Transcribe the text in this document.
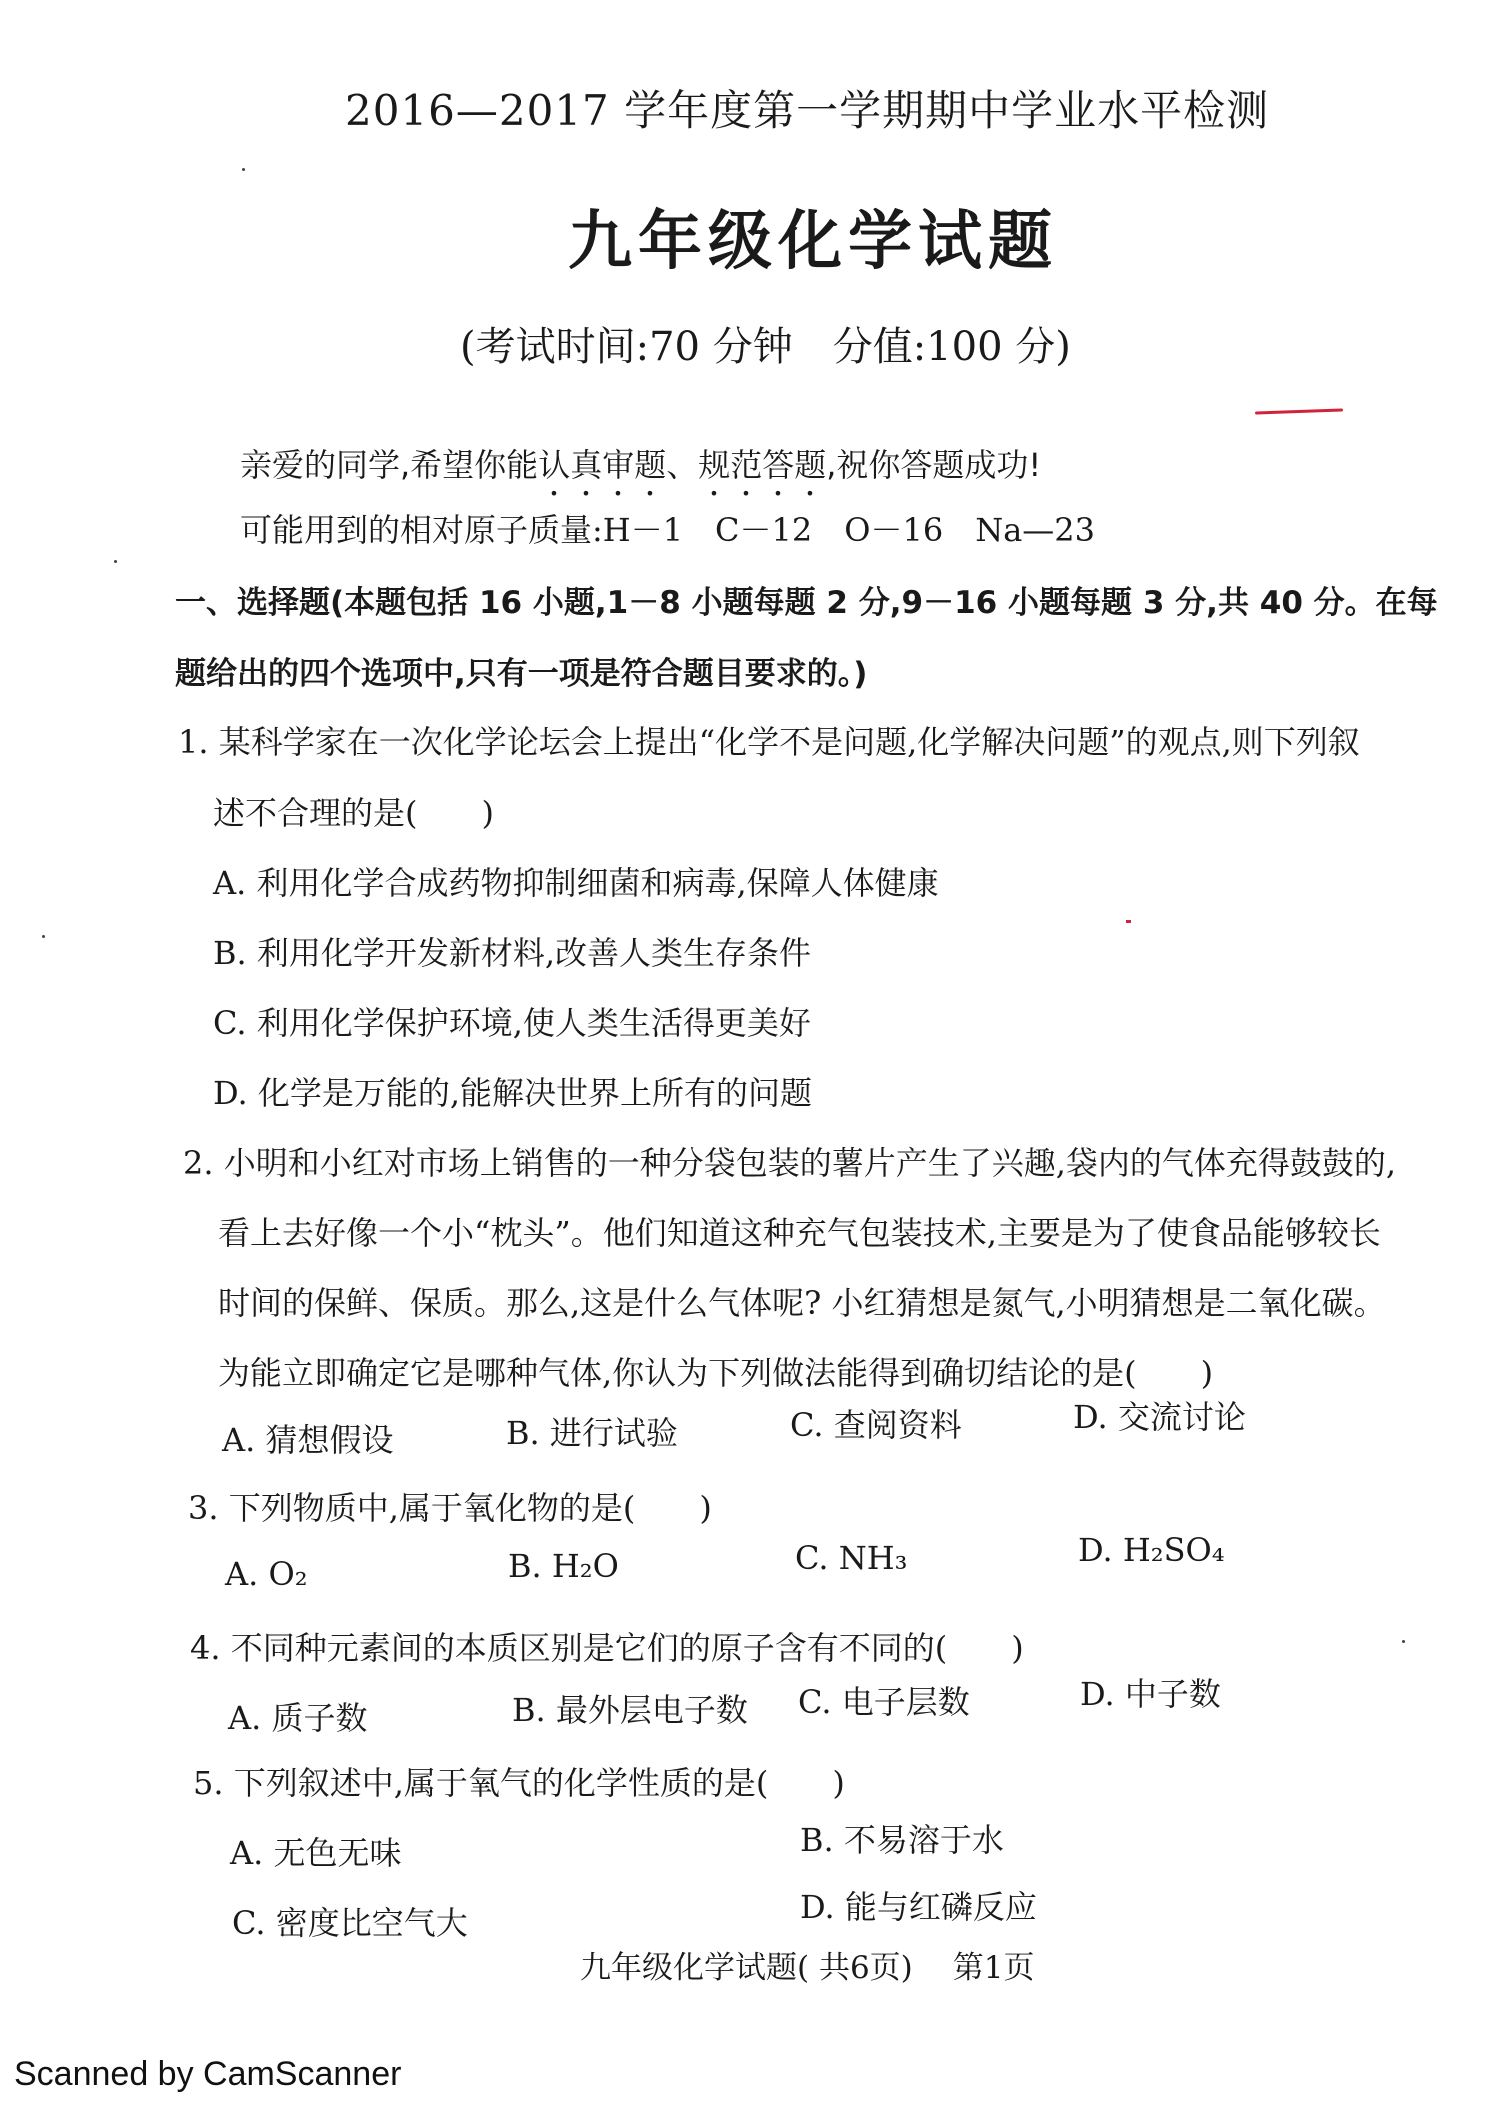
2016—2017 学年度第一学期期中学业水平检测
九年级化学试题
(考试时间:70 分钟 分值:100 分)
亲爱的同学,希望你能认真审题、规范答题,祝你答题成功!
可能用到的相对原子质量:H－1　C－12　O－16　Na—23
一、选择题(本题包括 16 小题,1－8 小题每题 2 分,9－16 小题每题 3 分,共 40 分。在每
题给出的四个选项中,只有一项是符合题目要求的。)
1. 某科学家在一次化学论坛会上提出“化学不是问题,化学解决问题”的观点,则下列叙
述不合理的是(　　)
A. 利用化学合成药物抑制细菌和病毒,保障人体健康
B. 利用化学开发新材料,改善人类生存条件
C. 利用化学保护环境,使人类生活得更美好
D. 化学是万能的,能解决世界上所有的问题
2. 小明和小红对市场上销售的一种分袋包装的薯片产生了兴趣,袋内的气体充得鼓鼓的,
看上去好像一个小“枕头”。他们知道这种充气包装技术,主要是为了使食品能够较长
时间的保鲜、保质。那么,这是什么气体呢? 小红猜想是氮气,小明猜想是二氧化碳。
为能立即确定它是哪种气体,你认为下列做法能得到确切结论的是(　　)
A. 猜想假设	B. 进行试验	C. 查阅资料	D. 交流讨论
3. 下列物质中,属于氧化物的是(　　)
A. O₂	B. H₂O	C. NH₃	D. H₂SO₄
4. 不同种元素间的本质区别是它们的原子含有不同的(　　)
A. 质子数	B. 最外层电子数 C. 电子层数	D. 中子数
5. 下列叙述中,属于氧气的化学性质的是(　　)
A. 无色无味	B. 不易溶于水
C. 密度比空气大	D. 能与红磷反应
九年级化学试题( 共6页) 第1页
Scanned by CamScanner
